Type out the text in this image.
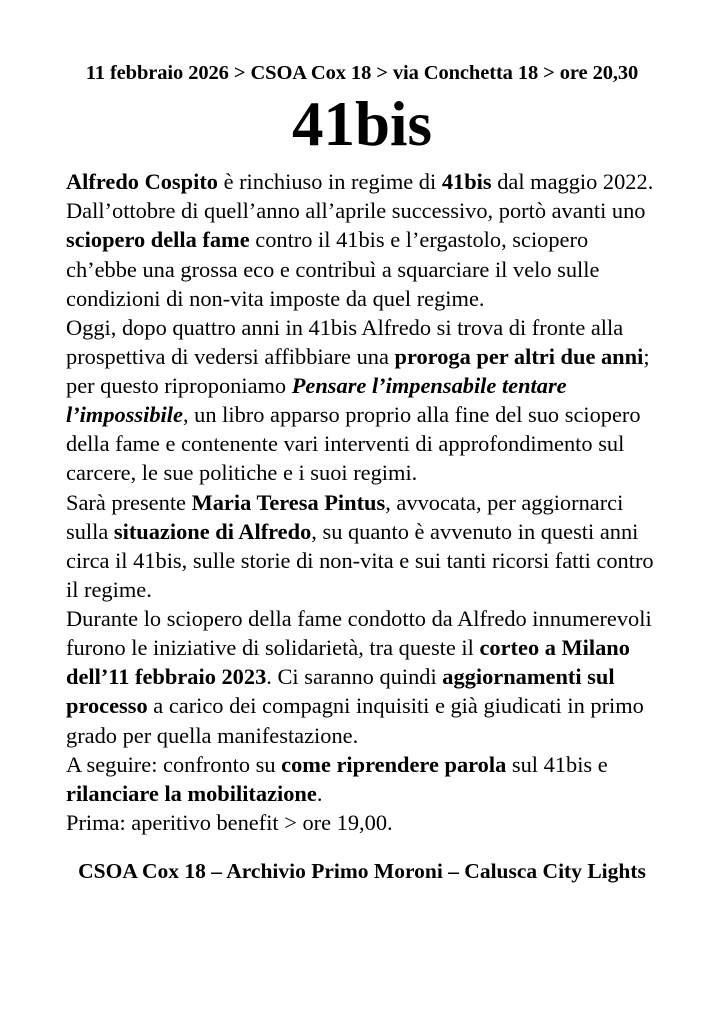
11 febbraio 2026 > CSOA Cox 18 > via Conchetta 18 > ore 20,30
41bis

Alfredo Cospito è rinchiuso in regime di 41bis dal maggio 2022. Dall’ottobre di quell’anno all’aprile successivo, portò avanti uno sciopero della fame contro il 41bis e l’ergastolo, sciopero ch’ebbe una grossa eco e contribuì a squarciare il velo sulle condizioni di non-vita imposte da quel regime.

Oggi, dopo quattro anni in 41bis Alfredo si trova di fronte alla prospettiva di vedersi affibbiare una proroga per altri due anni; per questo riproponiamo Pensare l’impensabile tentare l’impossibile, un libro apparso proprio alla fine del suo sciopero della fame e contenente vari interventi di approfondimento sul carcere, le sue politiche e i suoi regimi.

Sarà presente Maria Teresa Pintus, avvocata, per aggiornarci sulla situazione di Alfredo, su quanto è avvenuto in questi anni circa il 41bis, sulle storie di non-vita e sui tanti ricorsi fatti contro il regime.

Durante lo sciopero della fame condotto da Alfredo innumerevoli furono le iniziative di solidarietà, tra queste il corteo a Milano dell’11 febbraio 2023. Ci saranno quindi aggiornamenti sul processo a carico dei compagni inquisiti e già giudicati in primo grado per quella manifestazione.

A seguire: confronto su come riprendere parola sul 41bis e rilanciare la mobilitazione.

Prima: aperitivo benefit > ore 19,00.

CSOA Cox 18 – Archivio Primo Moroni – Calusca City Lights
